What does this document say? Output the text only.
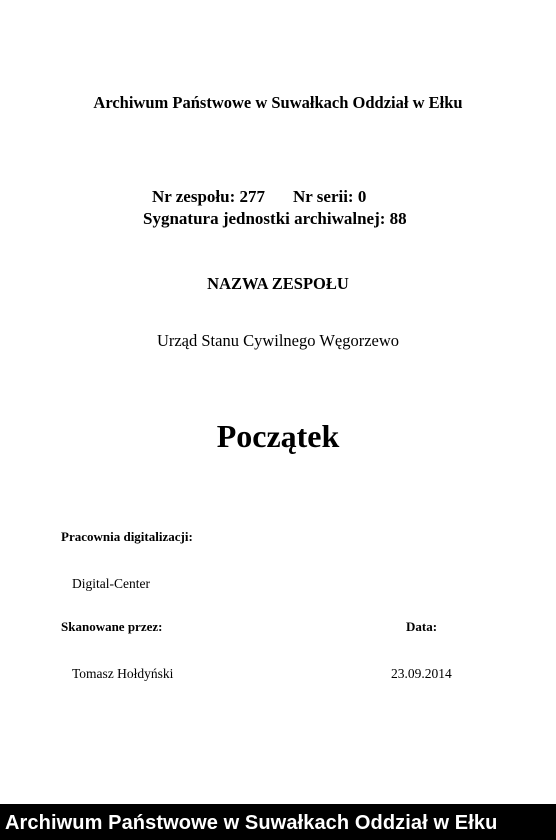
Archiwum Państwowe w Suwałkach Oddział w Ełku
Nr zespołu: 277 Nr serii: 0
Sygnatura jednostki archiwalnej: 88
NAZWA ZESPOŁU
Urząd Stanu Cywilnego Węgorzewo
Początek
Pracownia digitalizacji:
Digital-Center
Skanowane przez:	Data:
Tomasz Hołdyński	23.09.2014
Archiwum Państwowe w Suwałkach Oddział w Ełku
